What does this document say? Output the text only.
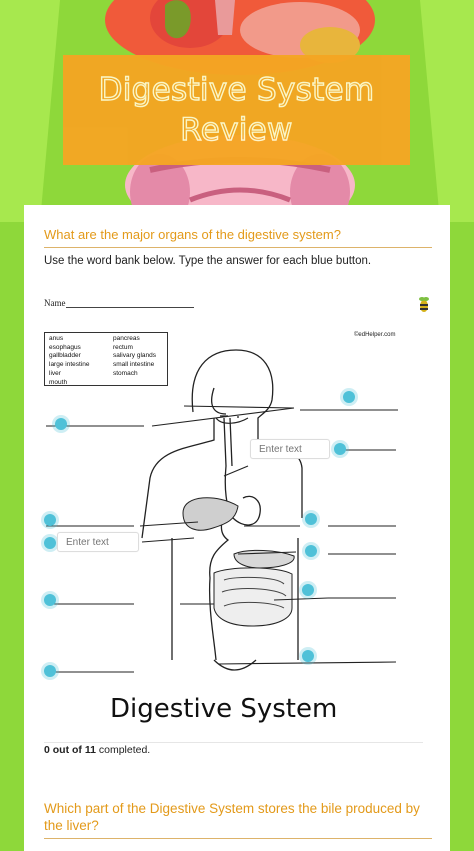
Digestive System
Review
What are the major organs of the digestive system?
Use the word bank below. Type the answer for each blue button.
Name
©edHelper.com
anus	pancreas
esophagus	rectum
gallbladder	salivary glands
large intestine	small intestine
liver	stomach
mouth
Digestive System
Enter text
Enter text
0 out of 11 completed.
Which part of the Digestive System stores the bile produced by the liver?
